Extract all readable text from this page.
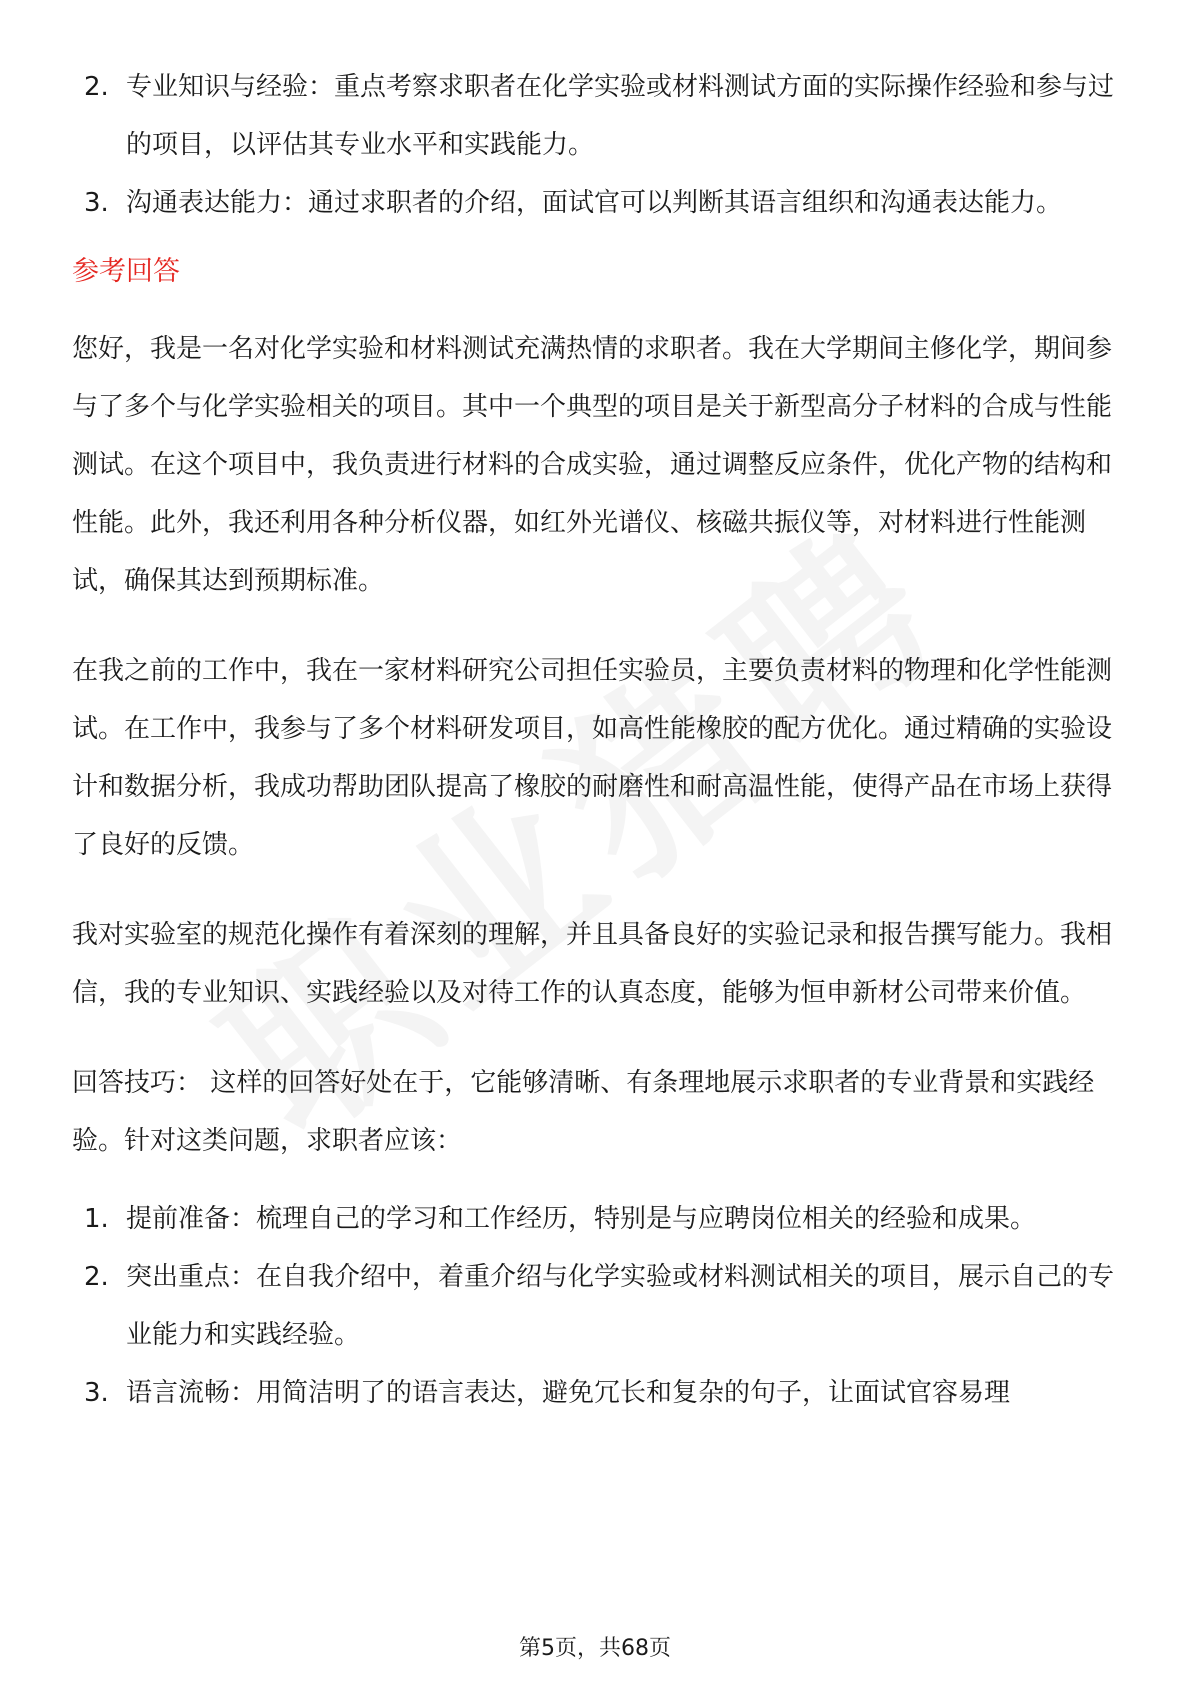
2. 专业知识与经验：重点考察求职者在化学实验或材料测试方面的实际操作经验和参与过的项目，以评估其专业水平和实践能力。
3. 沟通表达能力：通过求职者的介绍，面试官可以判断其语言组织和沟通表达能力。
参考回答

您好，我是一名对化学实验和材料测试充满热情的求职者。我在大学期间主修化学，期间参与了多个与化学实验相关的项目。其中一个典型的项目是关于新型高分子材料的合成与性能测试。在这个项目中，我负责进行材料的合成实验，通过调整反应条件，优化产物的结构和性能。此外，我还利用各种分析仪器，如红外光谱仪、核磁共振仪等，对材料进行性能测试，确保其达到预期标准。

在我之前的工作中，我在一家材料研究公司担任实验员，主要负责材料的物理和化学性能测试。在工作中，我参与了多个材料研发项目，如高性能橡胶的配方优化。通过精确的实验设计和数据分析，我成功帮助团队提高了橡胶的耐磨性和耐高温性能，使得产品在市场上获得了良好的反馈。

我对实验室的规范化操作有着深刻的理解，并且具备良好的实验记录和报告撰写能力。我相信，我的专业知识、实践经验以及对待工作的认真态度，能够为恒申新材公司带来价值。

回答技巧： 这样的回答好处在于，它能够清晰、有条理地展示求职者的专业背景和实践经验。针对这类问题，求职者应该：

1. 提前准备：梳理自己的学习和工作经历，特别是与应聘岗位相关的经验和成果。
2. 突出重点：在自我介绍中，着重介绍与化学实验或材料测试相关的项目，展示自己的专业能力和实践经验。
3. 语言流畅：用简洁明了的语言表达，避免冗长和复杂的句子，让面试官容易理
第5页，共68页
